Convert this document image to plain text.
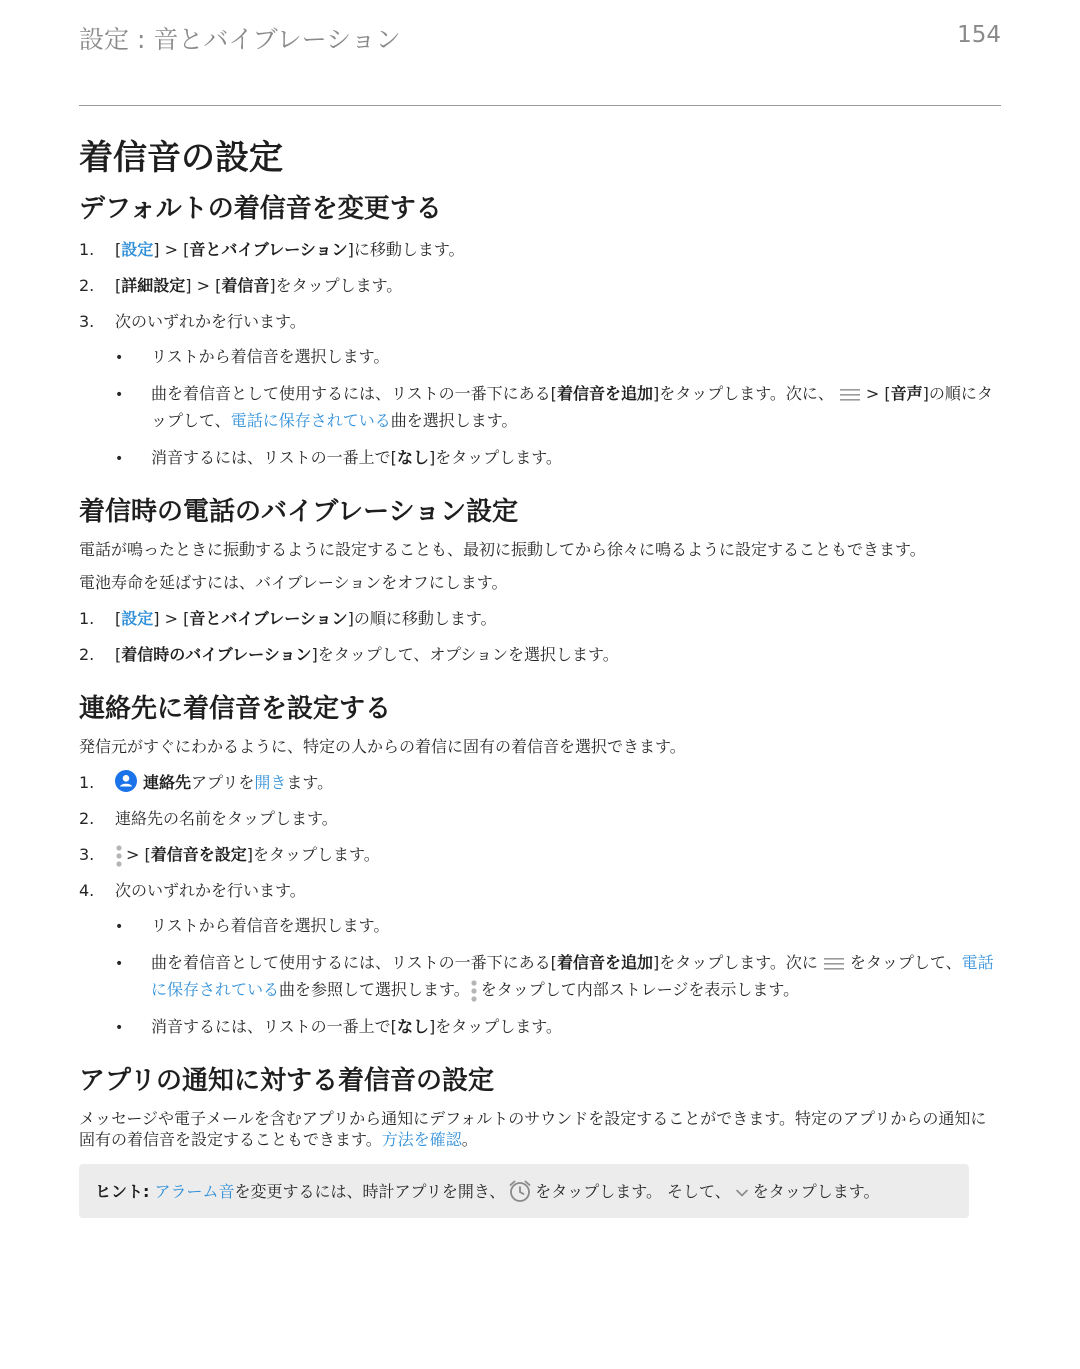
設定 : 音とバイブレーション	154
着信音の設定
デフォルトの着信音を変更する
1. [設定] > [音とバイブレーション]に移動します。
2. [詳細設定] > [着信音]をタップします。
3. 次のいずれかを行います。
• リストから着信音を選択します。
• 曲を着信音として使用するには、リストの一番下にある[着信音を追加]をタップします。次に、 > [音声]の順にタップして、電話に保存されている曲を選択します。
• 消音するには、リストの一番上で[なし]をタップします。
着信時の電話のバイブレーション設定

電話が鳴ったときに振動するように設定することも、最初に振動してから徐々に鳴るように設定することもできます。

電池寿命を延ばすには、バイブレーションをオフにします。

1. [設定] > [音とバイブレーション]の順に移動します。
2. [着信時のバイブレーション]をタップして、オプションを選択します。
連絡先に着信音を設定する

発信元がすぐにわかるように、特定の人からの着信に固有の着信音を選択できます。

1.	連絡先アプリを開きます。
2. 連絡先の名前をタップします。
3. > [着信音を設定]をタップします。
4. 次のいずれかを行います。
• リストから着信音を選択します。
• 曲を着信音として使用するには、リストの一番下にある[着信音を追加]をタップします。次に をタップして、電話に保存されている曲を参照して選択します。 をタップして内部ストレージを表示します。
• 消音するには、リストの一番上で[なし]をタップします。
アプリの通知に対する着信音の設定

メッセージや電子メールを含むアプリから通知にデフォルトのサウンドを設定することができます。特定のアプリからの通知に固有の着信音を設定することもできます。方法を確認。

ヒント: アラーム音を変更するには、時計アプリを開き、 をタップします。 そして、 をタップします。
